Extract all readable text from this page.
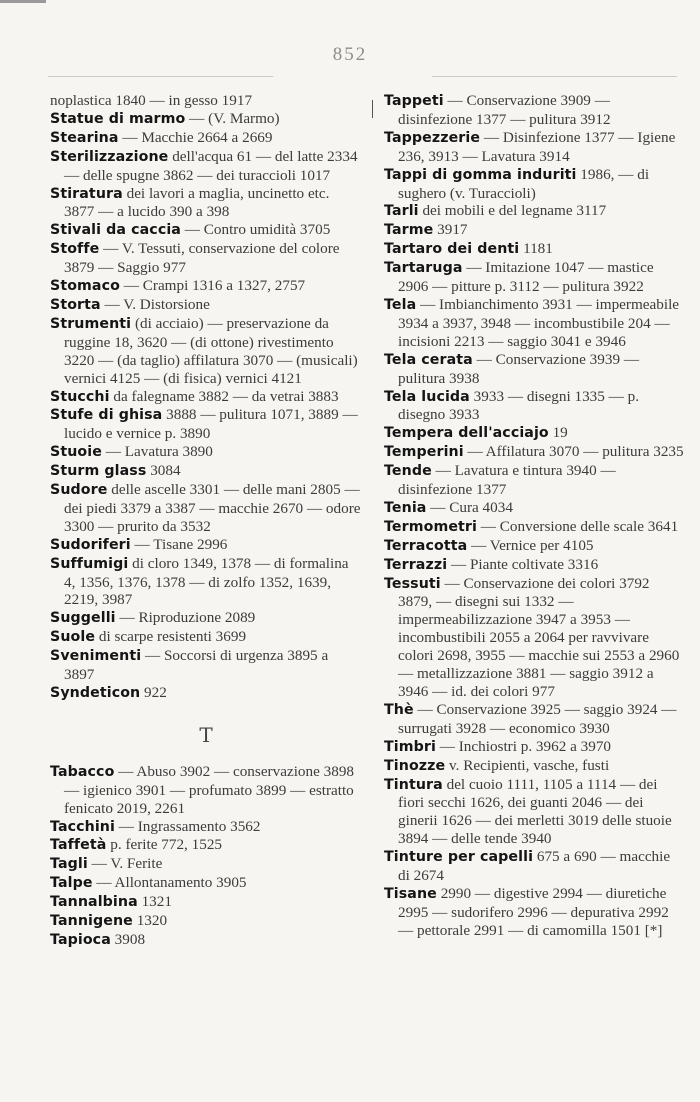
852
noplastica 1840 — in gesso 1917
Statue di marmo — (V. Marmo)
Stearina — Macchie 2664 a 2669
Sterilizzazione dell'acqua 61 — del latte 2334 — delle spugne 3862 — dei turaccioli 1017
Stiratura dei lavori a maglia, uncinetto etc. 3877 — a lucido 390 a 398
Stivali da caccia — Contro umidità 3705
Stoffe — V. Tessuti, conservazione del colore 3879 — Saggio 977
Stomaco — Crampi 1316 a 1327, 2757
Storta — V. Distorsione
Strumenti (di acciaio) — preservazione da ruggine 18, 3620 — (di ottone) rivestimento 3220 — (da taglio) affilatura 3070 — (musicali) vernici 4125 — (di fisica) vernici 4121
Stucchi da falegname 3882 — da vetrai 3883
Stufe di ghisa 3888 — pulitura 1071, 3889 — lucido e vernice p. 3890
Stuoie — Lavatura 3890
Sturm glass 3084
Sudore delle ascelle 3301 — delle mani 2805 — dei piedi 3379 a 3387 — macchie 2670 — odore 3300 — prurito da 3532
Sudoriferi — Tisane 2996
Suffumigi di cloro 1349, 1378 — di formalina 4, 1356, 1376, 1378 — di zolfo 1352, 1639, 2219, 3987
Suggelli — Riproduzione 2089
Suole di scarpe resistenti 3699
Svenimenti — Soccorsi di urgenza 3895 a 3897
Syndeticon 922
T
Tabacco — Abuso 3902 — conservazione 3898 — igienico 3901 — profumato 3899 — estratto fenicato 2019, 2261
Tacchini — Ingrassamento 3562
Taffetà p. ferite 772, 1525
Tagli — V. Ferite
Talpe — Allontanamento 3905
Tannalbina 1321
Tannigene 1320
Tapioca 3908
Tappeti — Conservazione 3909 — disinfezione 1377 — pulitura 3912
Tappezzerie — Disinfezione 1377 — Igiene 236, 3913 — Lavatura 3914
Tappi di gomma induriti 1986, — di sughero (v. Turaccioli)
Tarli dei mobili e del legname 3117
Tarme 3917
Tartaro dei denti 1181
Tartaruga — Imitazione 1047 — mastice 2906 — pitture p. 3112 — pulitura 3922
Tela — Imbianchimento 3931 — impermeabile 3934 a 3937, 3948 — incombustibile 204 — incisioni 2213 — saggio 3041 e 3946
Tela cerata — Conservazione 3939 — pulitura 3938
Tela lucida 3933 — disegni 1335 — p. disegno 3933
Tempera dell'acciajo 19
Temperini — Affilatura 3070 — pulitura 3235
Tende — Lavatura e tintura 3940 — disinfezione 1377
Tenia — Cura 4034
Termometri — Conversione delle scale 3641
Terracotta — Vernice per 4105
Terrazzi — Piante coltivate 3316
Tessuti — Conservazione dei colori 3792 3879, — disegni sui 1332 — impermeabilizzazione 3947 a 3953 — incombustibili 2055 a 2064 per ravvivare colori 2698, 3955 — macchie sui 2553 a 2960 — metallizzazione 3881 — saggio 3912 a 3946 — id. dei colori 977
Thè — Conservazione 3925 — saggio 3924 — surrugati 3928 — economico 3930
Timbri — Inchiostri p. 3962 a 3970
Tinozze v. Recipienti, vasche, fusti
Tintura del cuoio 1111, 1105 a 1114 — dei fiori secchi 1626, dei guanti 2046 — dei ginerii 1626 — dei merletti 3019 delle stuoie 3894 — delle tende 3940
Tinture per capelli 675 a 690 — macchie di 2674
Tisane 2990 — digestive 2994 — diuretiche 2995 — sudorifero 2996 — depurativa 2992 — pettorale 2991 — di camomilla 1501 [*]
